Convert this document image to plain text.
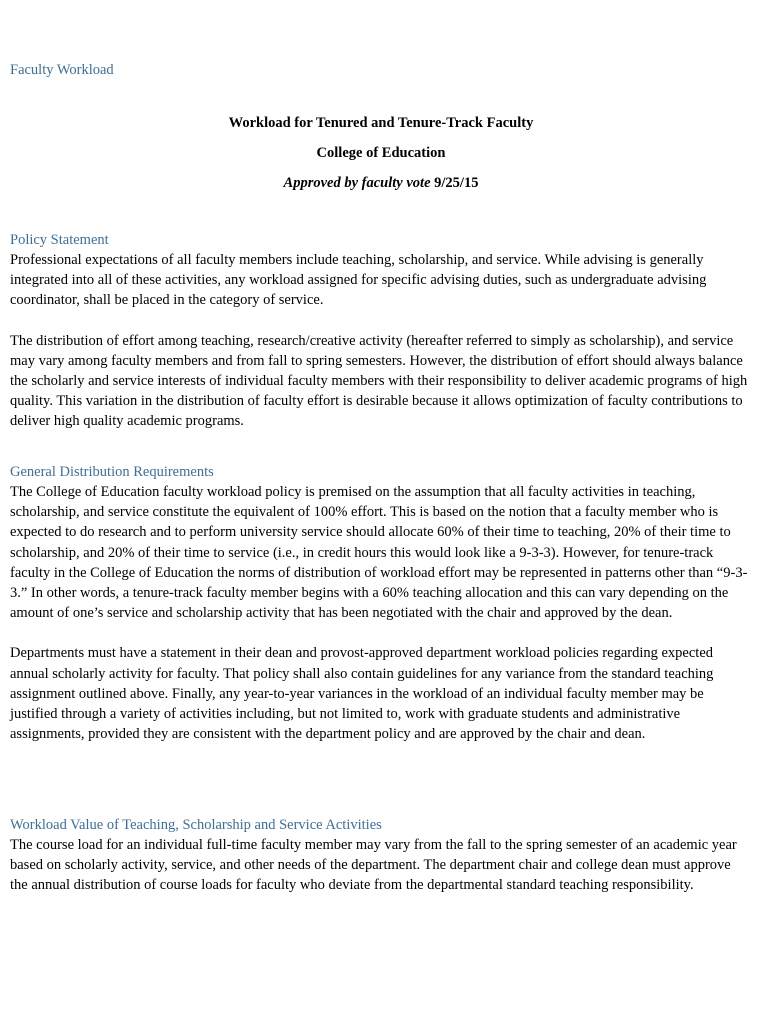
Faculty Workload
Workload for Tenured and Tenure-Track Faculty
College of Education
Approved by faculty vote 9/25/15
Policy Statement

Professional expectations of all faculty members include teaching, scholarship, and service. While advising is generally integrated into all of these activities, any workload assigned for specific advising duties, such as undergraduate advising coordinator, shall be placed in the category of service.

The distribution of effort among teaching, research/creative activity (hereafter referred to simply as scholarship), and service may vary among faculty members and from fall to spring semesters. However, the distribution of effort should always balance the scholarly and service interests of individual faculty members with their responsibility to deliver academic programs of high quality. This variation in the distribution of faculty effort is desirable because it allows optimization of faculty contributions to deliver high quality academic programs.

General Distribution Requirements

The College of Education faculty workload policy is premised on the assumption that all faculty activities in teaching, scholarship, and service constitute the equivalent of 100% effort. This is based on the notion that a faculty member who is expected to do research and to perform university service should allocate 60% of their time to teaching, 20% of their time to scholarship, and 20% of their time to service (i.e., in credit hours this would look like a 9-3-3). However, for tenure-track faculty in the College of Education the norms of distribution of workload effort may be represented in patterns other than “9-3-3.” In other words, a tenure-track faculty member begins with a 60% teaching allocation and this can vary depending on the amount of one’s service and scholarship activity that has been negotiated with the chair and approved by the dean.

Departments must have a statement in their dean and provost-approved department workload policies regarding expected annual scholarly activity for faculty. That policy shall also contain guidelines for any variance from the standard teaching assignment outlined above. Finally, any year-to-year variances in the workload of an individual faculty member may be justified through a variety of activities including, but not limited to, work with graduate students and administrative assignments, provided they are consistent with the department policy and are approved by the chair and dean.

Workload Value of Teaching, Scholarship and Service Activities

The course load for an individual full-time faculty member may vary from the fall to the spring semester of an academic year based on scholarly activity, service, and other needs of the department. The department chair and college dean must approve the annual distribution of course loads for faculty who deviate from the departmental standard teaching responsibility.
